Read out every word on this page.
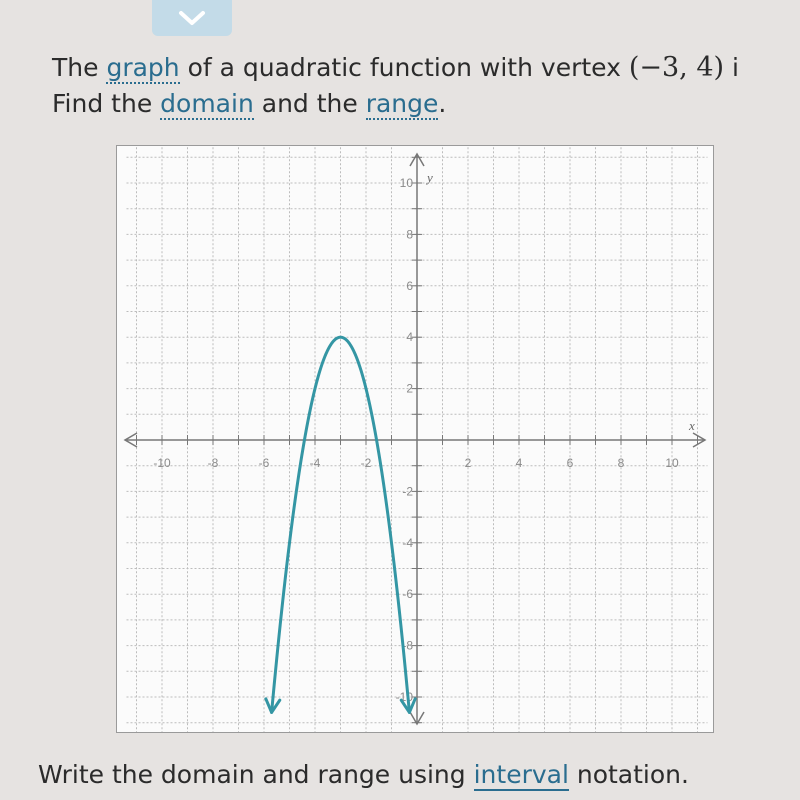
The graph of a quadratic function with vertex (−3, 4) i
Find the domain and the range.
-10	-8	-6	-4	-2	2	4	6	8	10
10
8
6
4
2
-2
-4
-6
-8
-10
x
y
Write the domain and range using interval notation.
